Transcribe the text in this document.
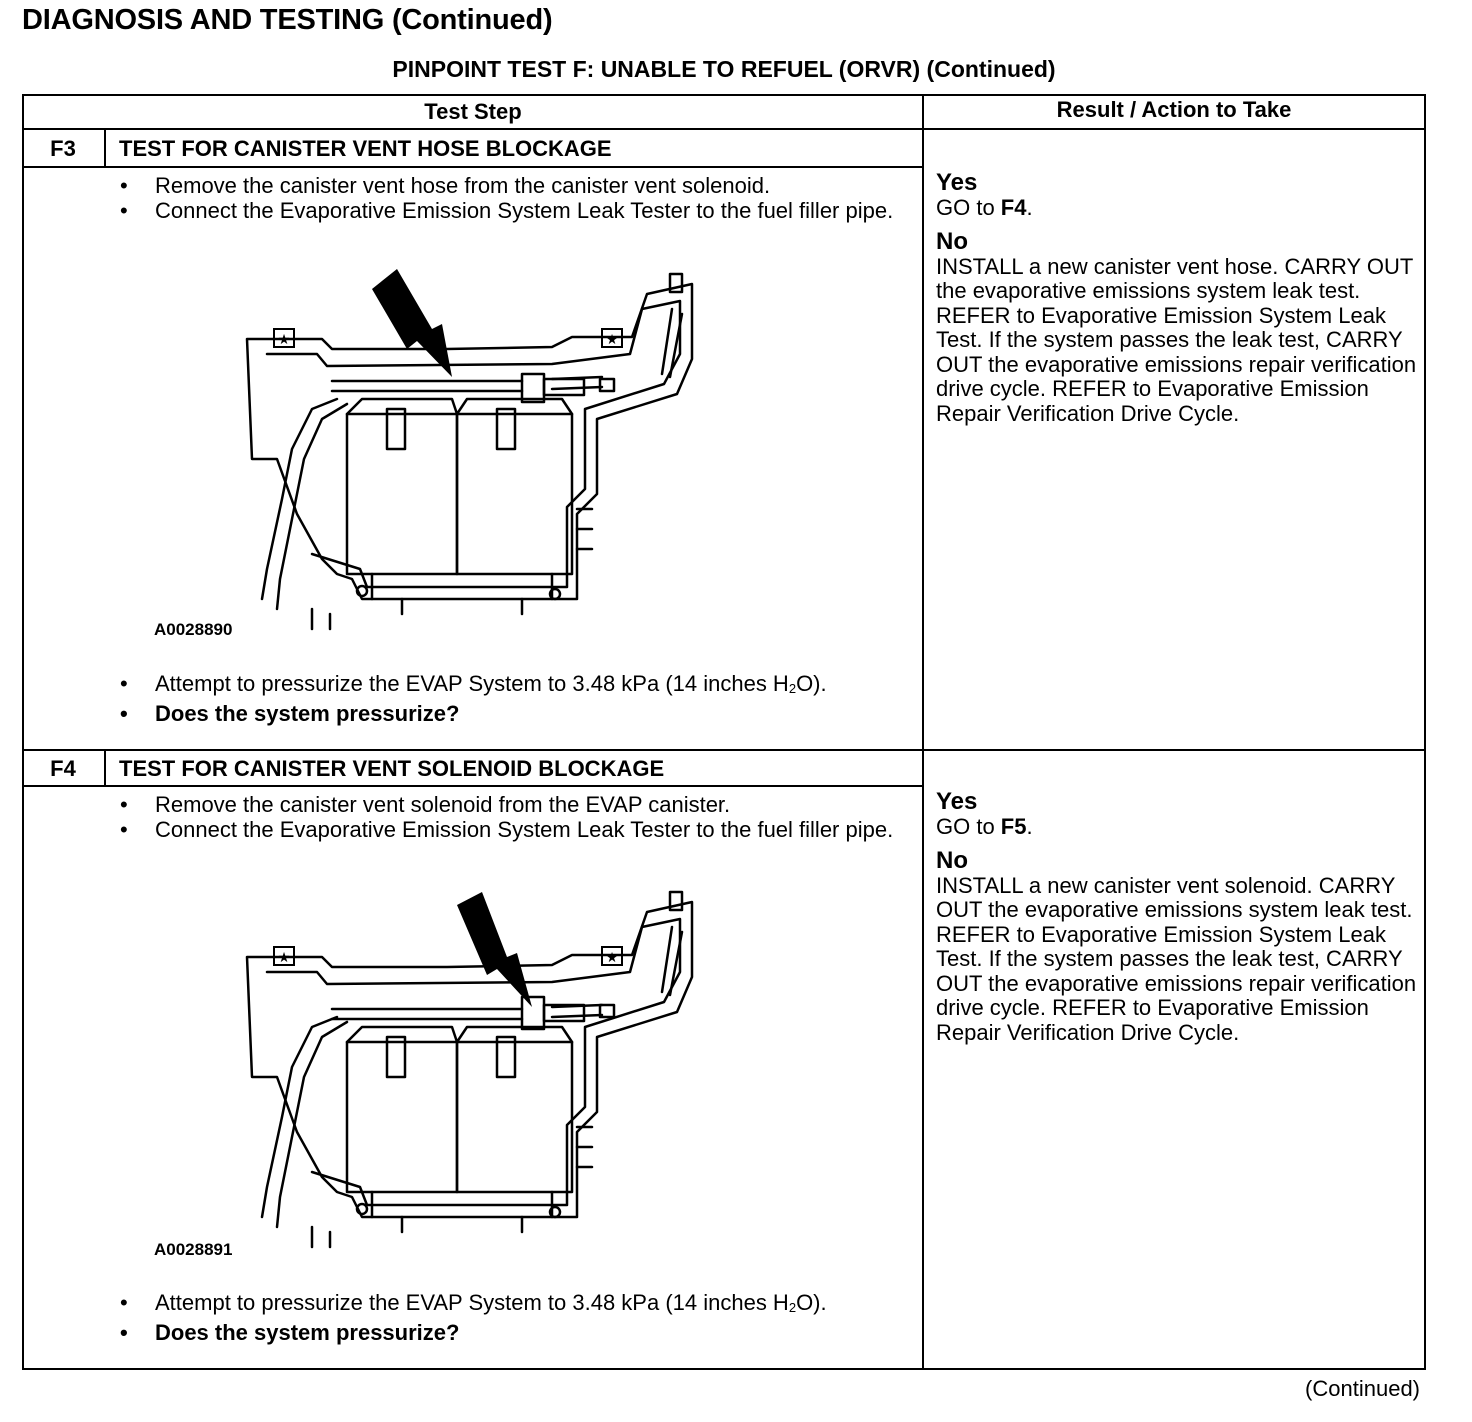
DIAGNOSIS AND TESTING (Continued)
PINPOINT TEST F: UNABLE TO REFUEL (ORVR) (Continued)
Test Step	Result / Action to Take
F3	TEST FOR CANISTER VENT HOSE BLOCKAGE
• Remove the canister vent hose from the canister vent solenoid.
• Connect the Evaporative Emission System Leak Tester to the fuel filler pipe.
★	★
A0028890
• Attempt to pressurize the EVAP System to 3.48 kPa (14 inches $H_2O$).
• Does the system pressurize?
Yes
GO to F4.
No
INSTALL a new canister vent hose. CARRY OUT the evaporative emissions system leak test. REFER to Evaporative Emission System Leak Test. If the system passes the leak test, CARRY OUT the evaporative emissions repair verification drive cycle. REFER to Evaporative Emission Repair Verification Drive Cycle.
F4	TEST FOR CANISTER VENT SOLENOID BLOCKAGE
• Remove the canister vent solenoid from the EVAP canister.
• Connect the Evaporative Emission System Leak Tester to the fuel filler pipe.
★	★
A0028891
• Attempt to pressurize the EVAP System to 3.48 kPa (14 inches $H_2O$).
• Does the system pressurize?
Yes
GO to F5.
No
INSTALL a new canister vent solenoid. CARRY OUT the evaporative emissions system leak test. REFER to Evaporative Emission System Leak Test. If the system passes the leak test, CARRY OUT the evaporative emissions repair verification drive cycle. REFER to Evaporative Emission Repair Verification Drive Cycle.
(Continued)
